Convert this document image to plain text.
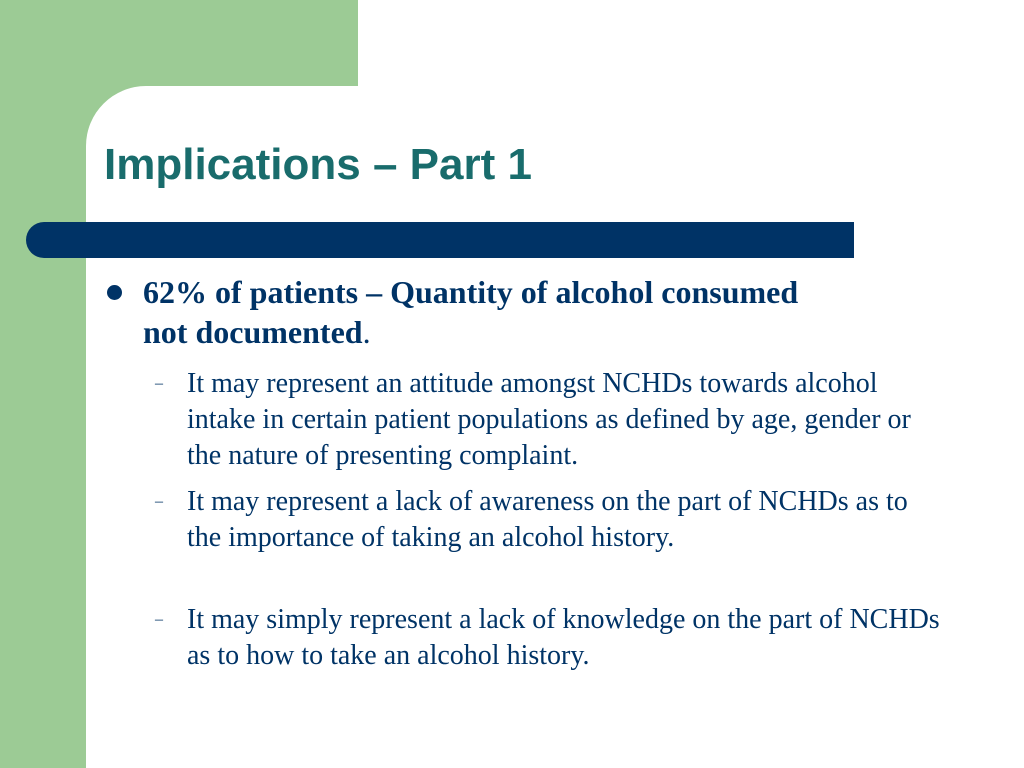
Implications – Part 1
62% of patients – Quantity of alcohol consumed not documented.
– It may represent an attitude amongst NCHDs towards alcohol intake in certain patient populations as defined by age, gender or the nature of presenting complaint.
– It may represent a lack of awareness on the part of NCHDs as to the importance of taking an alcohol history.
– It may simply represent a lack of knowledge on the part of NCHDs as to how to take an alcohol history.
